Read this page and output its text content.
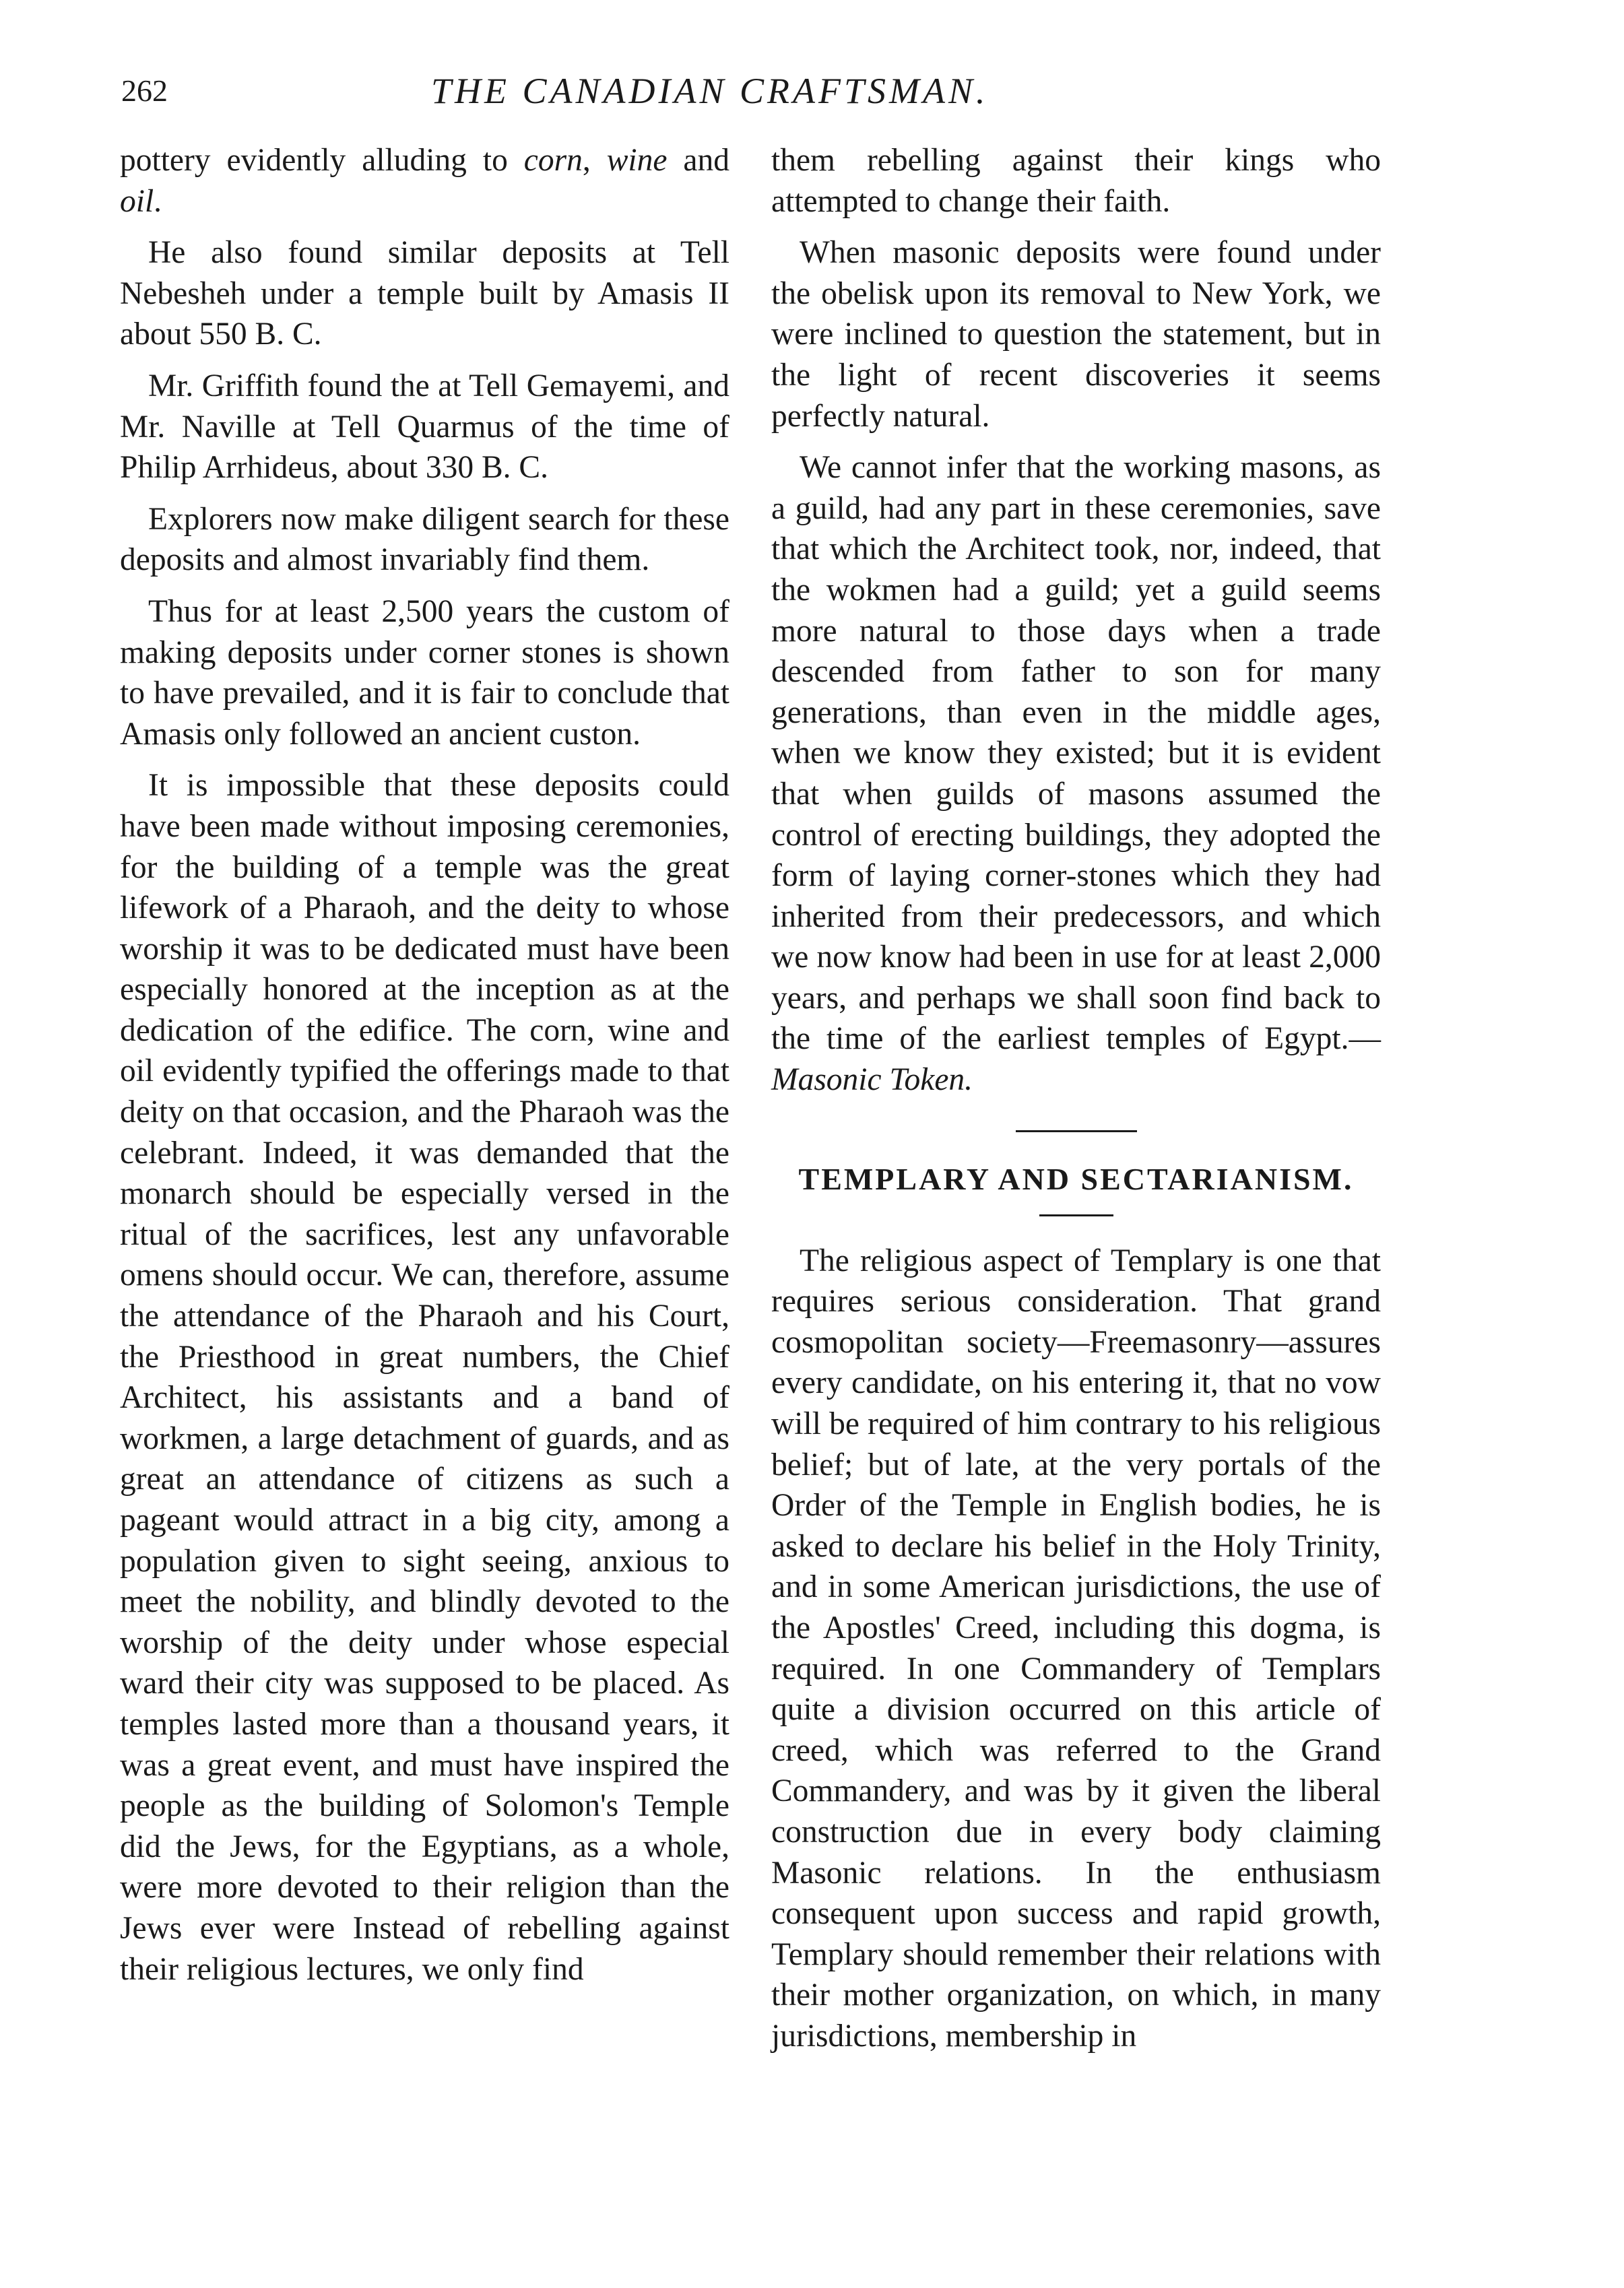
262	THE CANADIAN CRAFTSMAN.

pottery evidently alluding to corn, wine and oil.

He also found similar deposits at Tell Nebesheh under a temple built by Amasis II about 550 B. C.

Mr. Griffith found the at Tell Gemayemi, and Mr. Naville at Tell Quarmus of the time of Philip Arrhideus, about 330 B. C.

Explorers now make diligent search for these deposits and almost invariably find them.

Thus for at least 2,500 years the custom of making deposits under corner stones is shown to have prevailed, and it is fair to conclude that Amasis only followed an ancient custon.

It is impossible that these deposits could have been made without imposing ceremonies, for the building of a temple was the great lifework of a Pharaoh, and the deity to whose worship it was to be dedicated must have been especially honored at the inception as at the dedication of the edifice. The corn, wine and oil evidently typified the offerings made to that deity on that occasion, and the Pharaoh was the celebrant. Indeed, it was demanded that the monarch should be especially versed in the ritual of the sacrifices, lest any unfavorable omens should occur. We can, therefore, assume the attendance of the Pharaoh and his Court, the Priesthood in great numbers, the Chief Architect, his assistants and a band of workmen, a large detachment of guards, and as great an attendance of citizens as such a pageant would attract in a big city, among a population given to sight seeing, anxious to meet the nobility, and blindly devoted to the worship of the deity under whose especial ward their city was supposed to be placed. As temples lasted more than a thousand years, it was a great event, and must have inspired the people as the building of Solomon's Temple did the Jews, for the Egyptians, as a whole, were more devoted to their religion than the Jews ever were Instead of rebelling against their religious lectures, we only find

them rebelling against their kings who attempted to change their faith.

When masonic deposits were found under the obelisk upon its removal to New York, we were inclined to question the statement, but in the light of recent discoveries it seems perfectly natural.

We cannot infer that the working masons, as a guild, had any part in these ceremonies, save that which the Architect took, nor, indeed, that the wokmen had a guild; yet a guild seems more natural to those days when a trade descended from father to son for many generations, than even in the middle ages, when we know they existed; but it is evident that when guilds of masons assumed the control of erecting buildings, they adopted the form of laying corner-stones which they had inherited from their predecessors, and which we now know had been in use for at least 2,000 years, and perhaps we shall soon find back to the time of the earliest temples of Egypt.—Masonic Token.

TEMPLARY AND SECTARIANISM.

The religious aspect of Templary is one that requires serious consideration. That grand cosmopolitan society—Freemasonry—assures every candidate, on his entering it, that no vow will be required of him contrary to his religious belief; but of late, at the very portals of the Order of the Temple in English bodies, he is asked to declare his belief in the Holy Trinity, and in some American jurisdictions, the use of the Apostles' Creed, including this dogma, is required. In one Commandery of Templars quite a division occurred on this article of creed, which was referred to the Grand Commandery, and was by it given the liberal construction due in every body claiming Masonic relations. In the enthusiasm consequent upon success and rapid growth, Templary should remember their relations with their mother organization, on which, in many jurisdictions, membership in
